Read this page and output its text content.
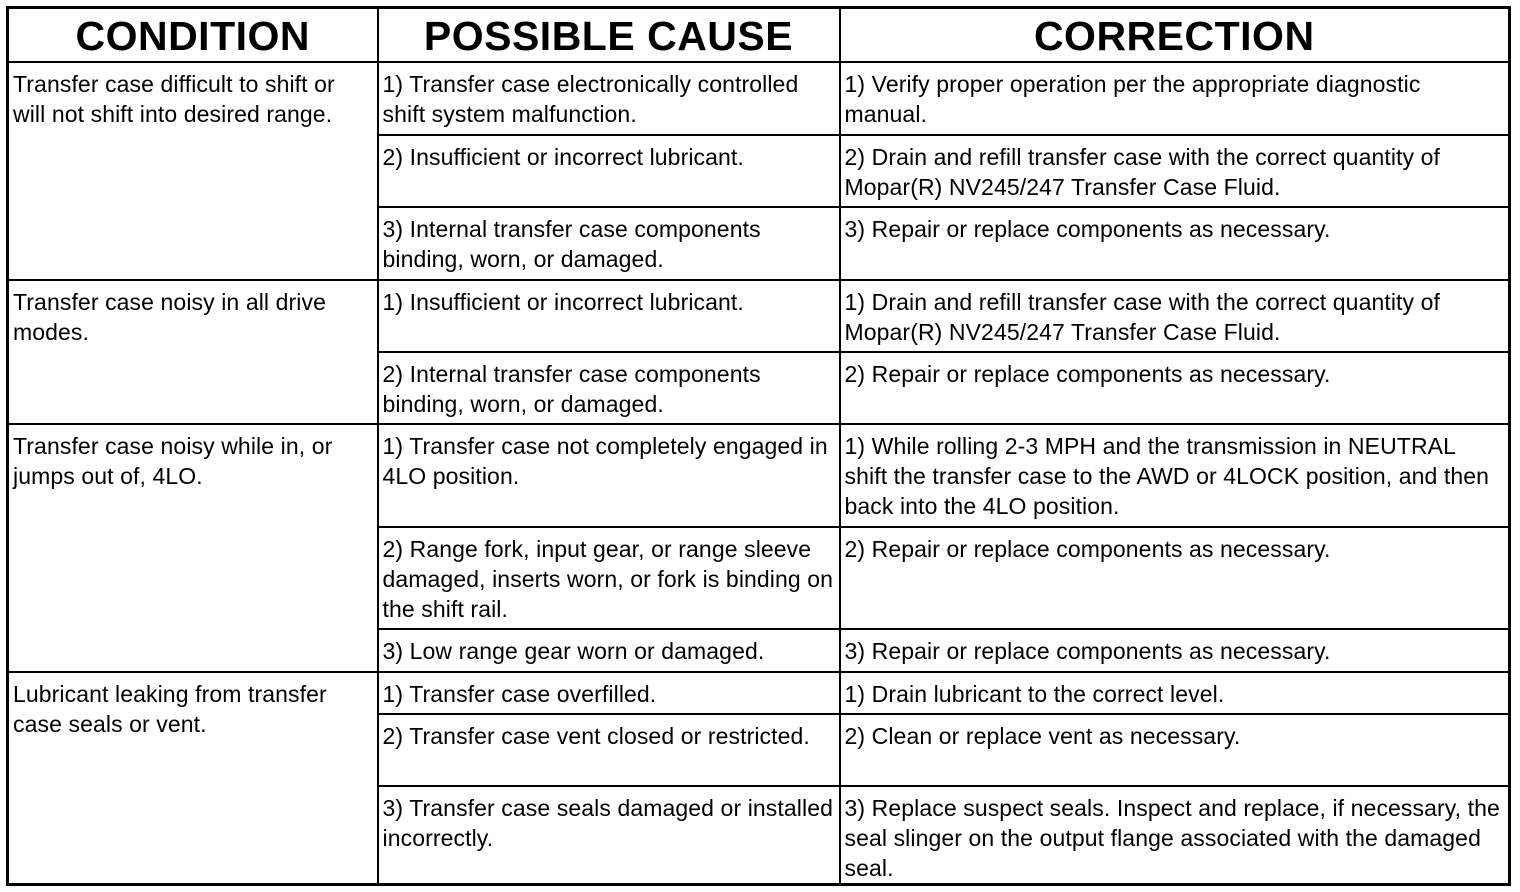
CONDITION	POSSIBLE CAUSE	CORRECTION
Transfer case difficult to shift or will not shift into desired range.	1) Transfer case electronically controlled shift system malfunction.	1) Verify proper operation per the appropriate diagnostic manual.
	2) Insufficient or incorrect lubricant.	2) Drain and refill transfer case with the correct quantity of Mopar(R) NV245/247 Transfer Case Fluid.
	3) Internal transfer case components binding, worn, or damaged.	3) Repair or replace components as necessary.
Transfer case noisy in all drive modes.	1) Insufficient or incorrect lubricant.	1) Drain and refill transfer case with the correct quantity of Mopar(R) NV245/247 Transfer Case Fluid.
	2) Internal transfer case components binding, worn, or damaged.	2) Repair or replace components as necessary.
Transfer case noisy while in, or jumps out of, 4LO.	1) Transfer case not completely engaged in 4LO position.	1) While rolling 2-3 MPH and the transmission in NEUTRAL shift the transfer case to the AWD or 4LOCK position, and then back into the 4LO position.
	2) Range fork, input gear, or range sleeve damaged, inserts worn, or fork is binding on the shift rail.	2) Repair or replace components as necessary.
	3) Low range gear worn or damaged.	3) Repair or replace components as necessary.
Lubricant leaking from transfer case seals or vent.	1) Transfer case overfilled.	1) Drain lubricant to the correct level.
	2) Transfer case vent closed or restricted.	2) Clean or replace vent as necessary.
	3) Transfer case seals damaged or installed incorrectly.	3) Replace suspect seals. Inspect and replace, if necessary, the seal slinger on the output flange associated with the damaged seal.
